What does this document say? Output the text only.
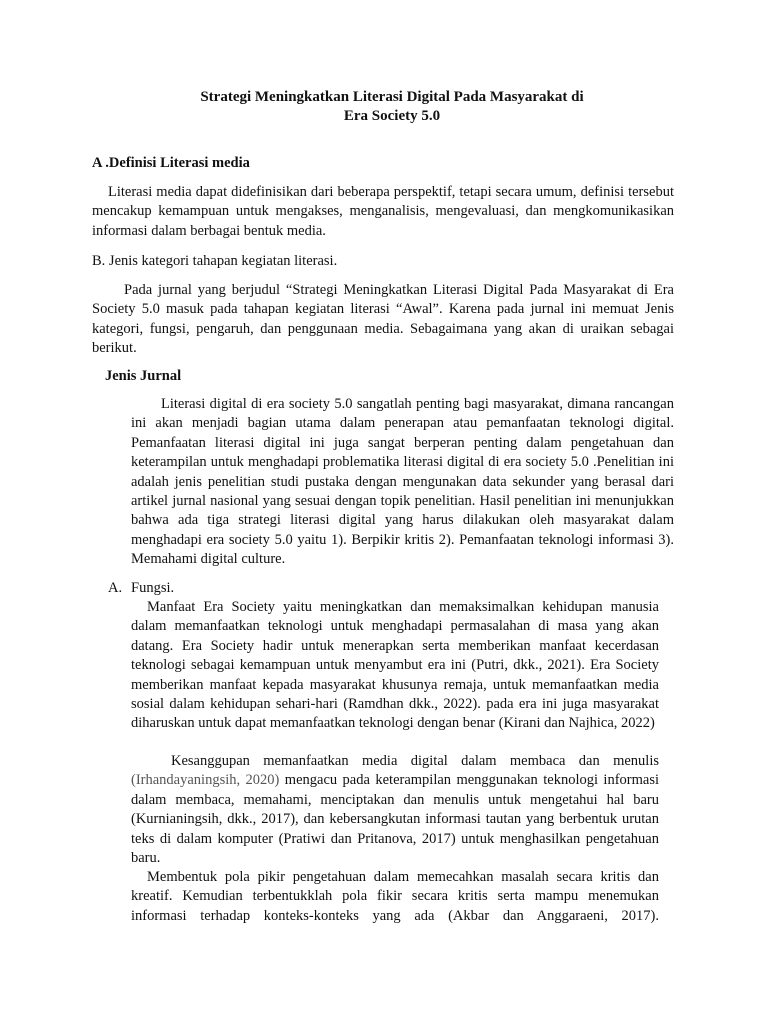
Strategi Meningkatkan Literasi Digital Pada Masyarakat di
Era Society 5.0

A .Definisi Literasi media

Literasi media dapat didefinisikan dari beberapa perspektif, tetapi secara umum, definisi tersebut mencakup kemampuan untuk mengakses, menganalisis, mengevaluasi, dan mengkomunikasikan informasi dalam berbagai bentuk media.

B. Jenis kategori tahapan kegiatan literasi.

Pada jurnal yang berjudul “Strategi Meningkatkan Literasi Digital Pada Masyarakat di Era Society 5.0 masuk pada tahapan kegiatan literasi “Awal”. Karena pada jurnal ini memuat Jenis kategori, fungsi, pengaruh, dan penggunaan media. Sebagaimana yang akan di uraikan sebagai berikut.

Jenis Jurnal

Literasi digital di era society 5.0 sangatlah penting bagi masyarakat, dimana rancangan ini akan menjadi bagian utama dalam penerapan atau pemanfaatan teknologi digital. Pemanfaatan literasi digital ini juga sangat berperan penting dalam pengetahuan dan keterampilan untuk menghadapi problematika literasi digital di era society 5.0 .Penelitian ini adalah jenis penelitian studi pustaka dengan mengunakan data sekunder yang berasal dari artikel jurnal nasional yang sesuai dengan topik penelitian. Hasil penelitian ini menunjukkan bahwa ada tiga strategi literasi digital yang harus dilakukan oleh masyarakat dalam menghadapi era society 5.0 yaitu 1). Berpikir kritis 2). Pemanfaatan teknologi informasi 3). Memahami digital culture.

A. Fungsi.

Manfaat Era Society yaitu meningkatkan dan memaksimalkan kehidupan manusia dalam memanfaatkan teknologi untuk menghadapi permasalahan di masa yang akan datang. Era Society hadir untuk menerapkan serta memberikan manfaat kecerdasan teknologi sebagai kemampuan untuk menyambut era ini (Putri, dkk., 2021). Era Society memberikan manfaat kepada masyarakat khusunya remaja, untuk memanfaatkan media sosial dalam kehidupan sehari-hari (Ramdhan dkk., 2022). pada era ini juga masyarakat diharuskan untuk dapat memanfaatkan teknologi dengan benar (Kirani dan Najhica, 2022)

Kesanggupan memanfaatkan media digital dalam membaca dan menulis (Irhandayaningsih, 2020) mengacu pada keterampilan menggunakan teknologi informasi dalam membaca, memahami, menciptakan dan menulis untuk mengetahui hal baru (Kurnianingsih, dkk., 2017), dan kebersangkutan informasi tautan yang berbentuk urutan teks di dalam komputer (Pratiwi dan Pritanova, 2017) untuk menghasilkan pengetahuan baru.

Membentuk pola pikir pengetahuan dalam memecahkan masalah secara kritis dan kreatif. Kemudian terbentukklah pola fikir secara kritis serta mampu menemukan informasi terhadap konteks-konteks yang ada (Akbar dan Anggaraeni, 2017).
